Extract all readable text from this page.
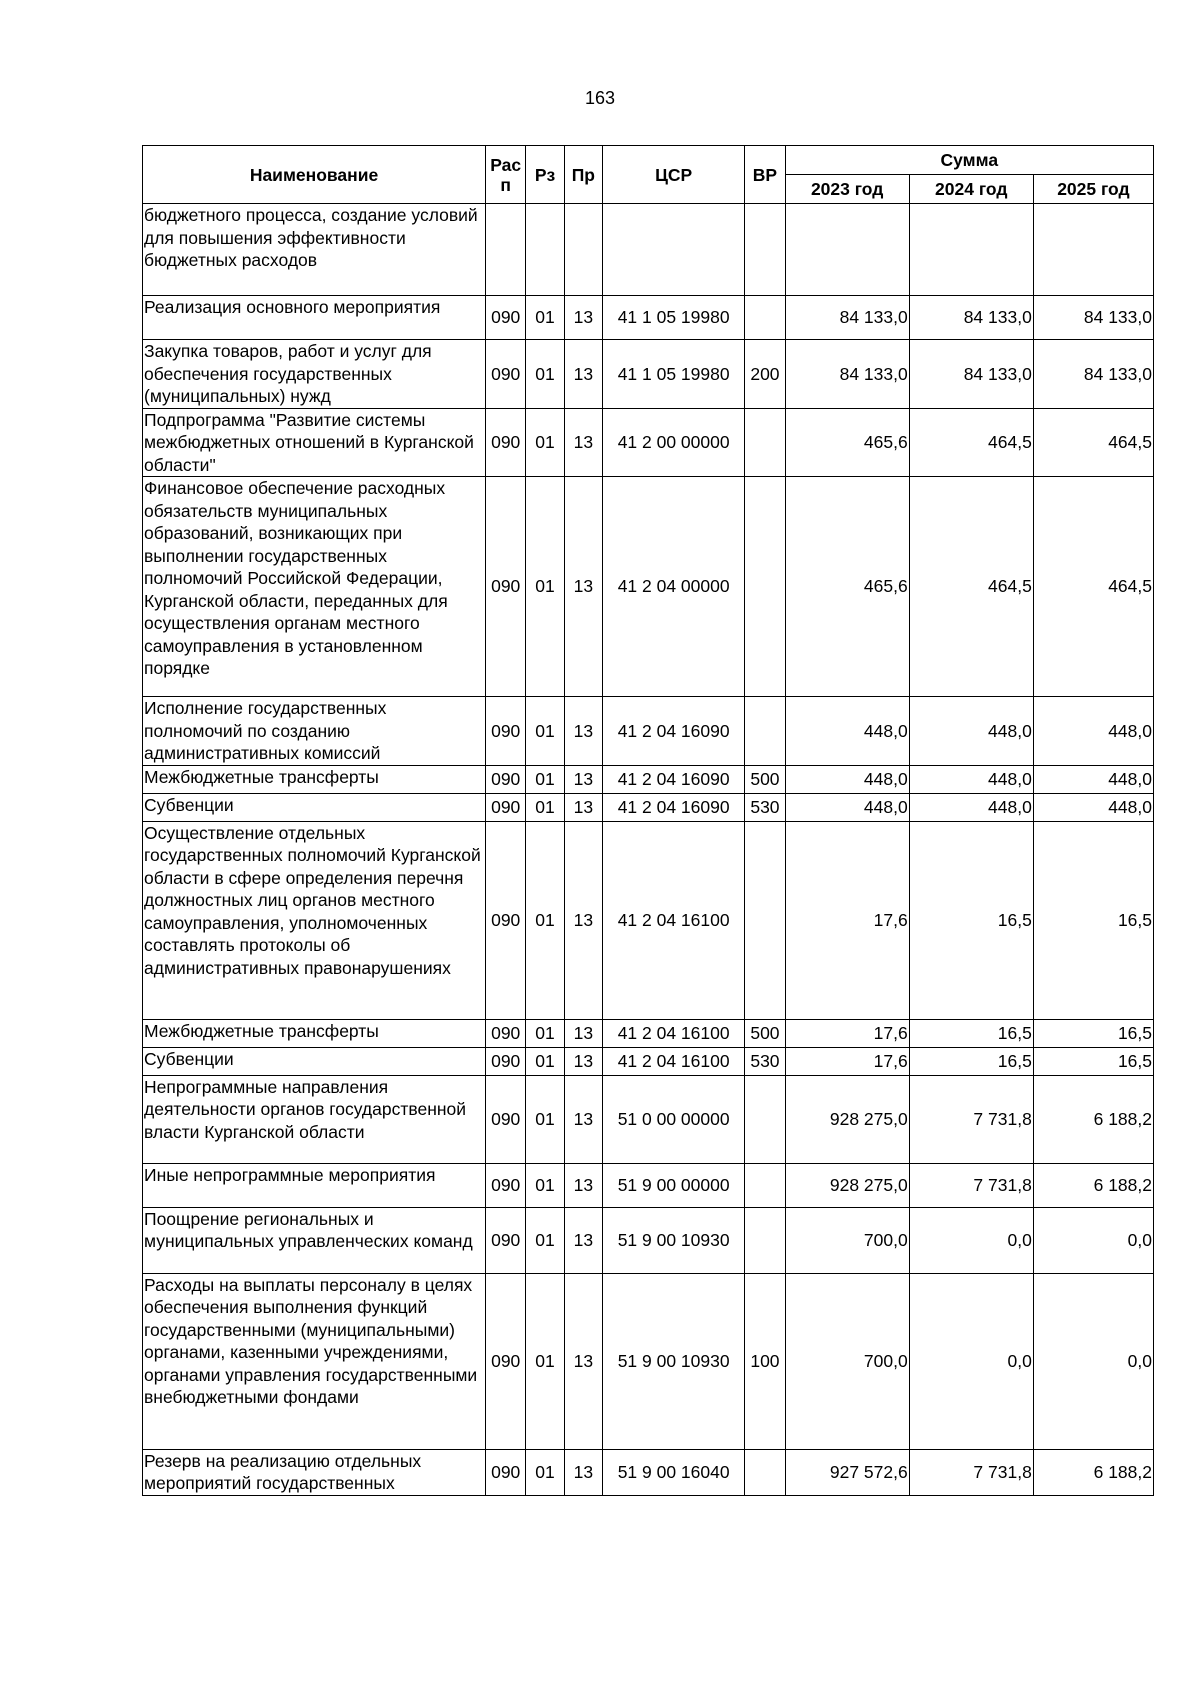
163
Наименование	Рас п	Рз	Пр	ЦСР	ВР	Сумма		
						2023 год	2024 год	2025 год
бюджетного процесса, создание условий для повышения эффективности бюджетных расходов								
Реализация основного мероприятия	090	01	13	41 1 05 19980		84 133,0	84 133,0	84 133,0
Закупка товаров, работ и услуг для обеспечения государственных (муниципальных) нужд	090	01	13	41 1 05 19980	200	84 133,0	84 133,0	84 133,0
Подпрограмма "Развитие системы межбюджетных отношений в Курганской области"	090	01	13	41 2 00 00000		465,6	464,5	464,5
Финансовое обеспечение расходных обязательств муниципальных образований, возникающих при выполнении государственных полномочий Российской Федерации, Курганской области, переданных для осуществления органам местного самоуправления в установленном порядке	090	01	13	41 2 04 00000		465,6	464,5	464,5
Исполнение государственных полномочий по созданию административных комиссий	090	01	13	41 2 04 16090		448,0	448,0	448,0
Межбюджетные трансферты	090	01	13	41 2 04 16090	500	448,0	448,0	448,0
Субвенции	090	01	13	41 2 04 16090	530	448,0	448,0	448,0
Осуществление отдельных государственных полномочий Курганской области в сфере определения перечня должностных лиц органов местного самоуправления, уполномоченных составлять протоколы об административных правонарушениях	090	01	13	41 2 04 16100		17,6	16,5	16,5
Межбюджетные трансферты	090	01	13	41 2 04 16100	500	17,6	16,5	16,5
Субвенции	090	01	13	41 2 04 16100	530	17,6	16,5	16,5
Непрограммные направления деятельности органов государственной власти Курганской области	090	01	13	51 0 00 00000		928 275,0	7 731,8	6 188,2
Иные непрограммные мероприятия	090	01	13	51 9 00 00000		928 275,0	7 731,8	6 188,2
Поощрение региональных и муниципальных управленческих команд	090	01	13	51 9 00 10930		700,0	0,0	0,0
Расходы на выплаты персоналу в целях обеспечения выполнения функций государственными (муниципальными) органами, казенными учреждениями, органами управления государственными внебюджетными фондами	090	01	13	51 9 00 10930	100	700,0	0,0	0,0
Резерв на реализацию отдельных мероприятий государственных	090	01	13	51 9 00 16040		927 572,6	7 731,8	6 188,2
